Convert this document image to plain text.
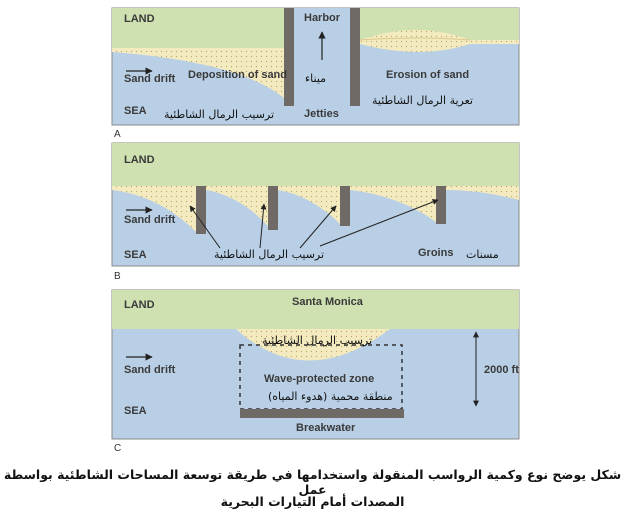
LAND	Harbor
ميناء
Sand drift Deposition of sand
ترسيب الرمال الشاطئية
SEA	Jetties
Erosion of sand
تعرية الرمال الشاطئية
A
LAND
Sand drift
SEA	ترسيب الرمال الشاطئية	Groins مسنات
B
LAND	Santa Monica
ترسيب الرمال الشاطئية
Sand drift
SEA
Wave-protected zone
منطقة محمية (هدوء المياه)
2000 ft
Breakwater
C
شكل يوضح نوع وكمية الرواسب المنقولة واستخدامها في طريقة توسعة المساحات الشاطئية بواسطة عمل
المصدات أمام التيارات البحرية
